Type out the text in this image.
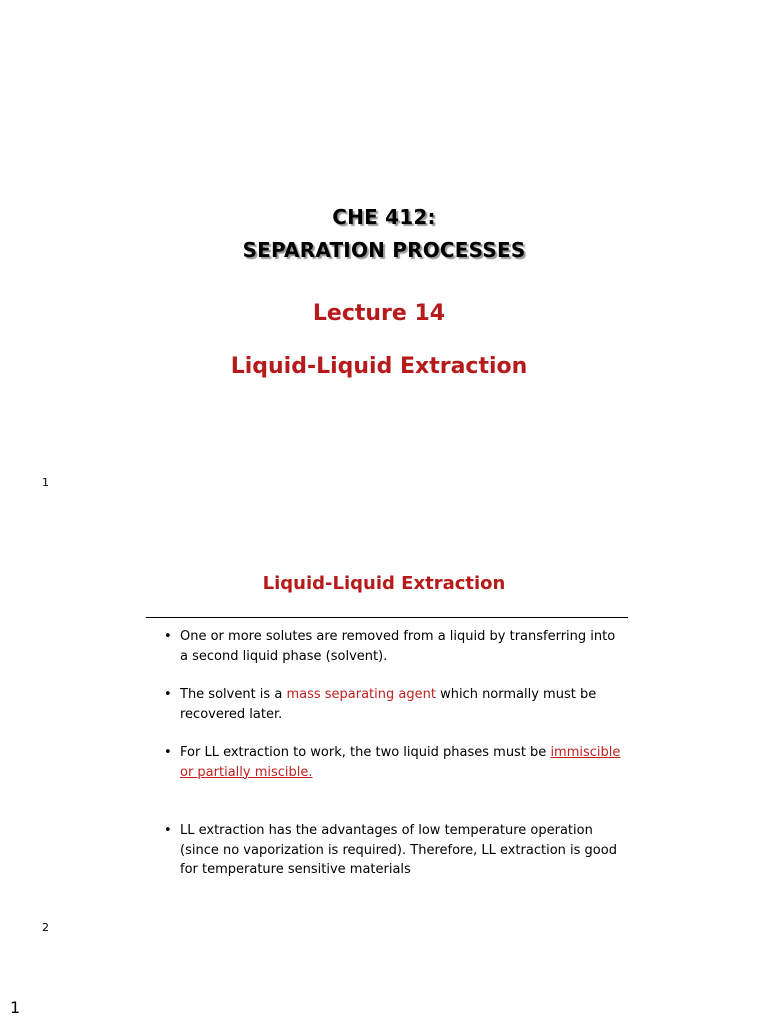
CHE 412:
SEPARATION PROCESSES
Lecture 14
Liquid-Liquid Extraction
1
Liquid-Liquid Extraction
• One or more solutes are removed from a liquid by transferring into a second liquid phase (solvent).
• The solvent is a mass separating agent which normally must be recovered later.
• For LL extraction to work, the two liquid phases must be immiscible or partially miscible.
• LL extraction has the advantages of low temperature operation (since no vaporization is required). Therefore, LL extraction is good for temperature sensitive materials
2
1
